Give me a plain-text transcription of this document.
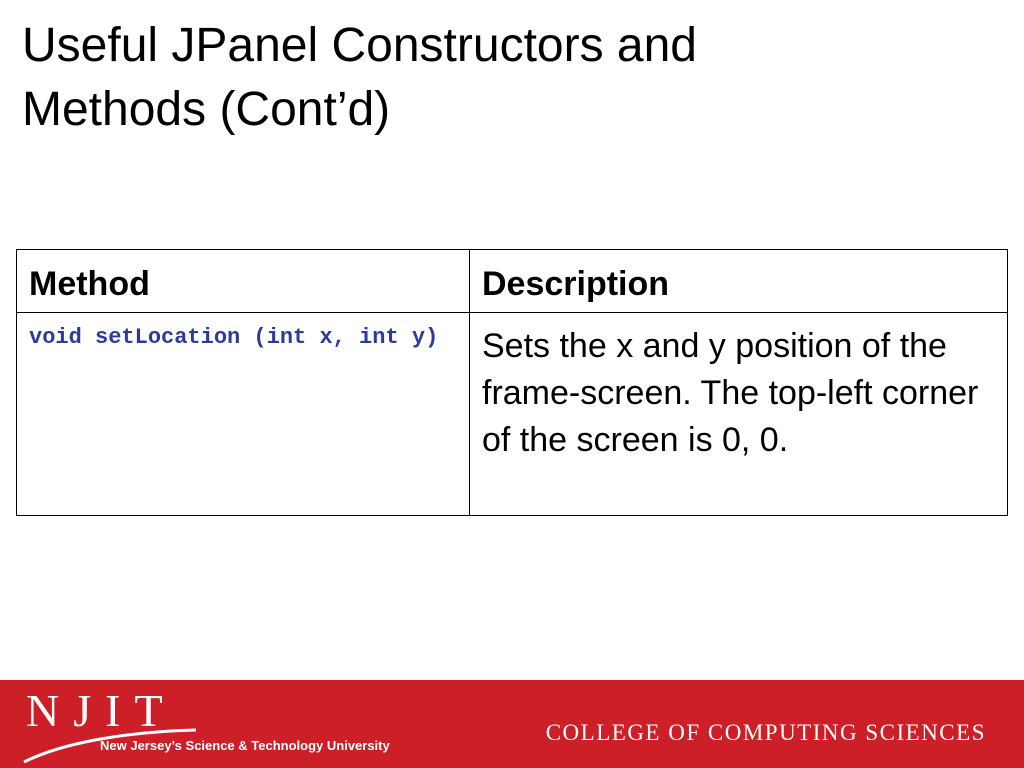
Useful JPanel Constructors and
Methods (Cont’d)
Method	Description
void setLocation (int x, int y)	Sets the x and y position of the frame-screen. The top-left corner of the screen is 0, 0.
NJIT
New Jersey’s Science & Technology University
COLLEGE OF COMPUTING SCIENCES
